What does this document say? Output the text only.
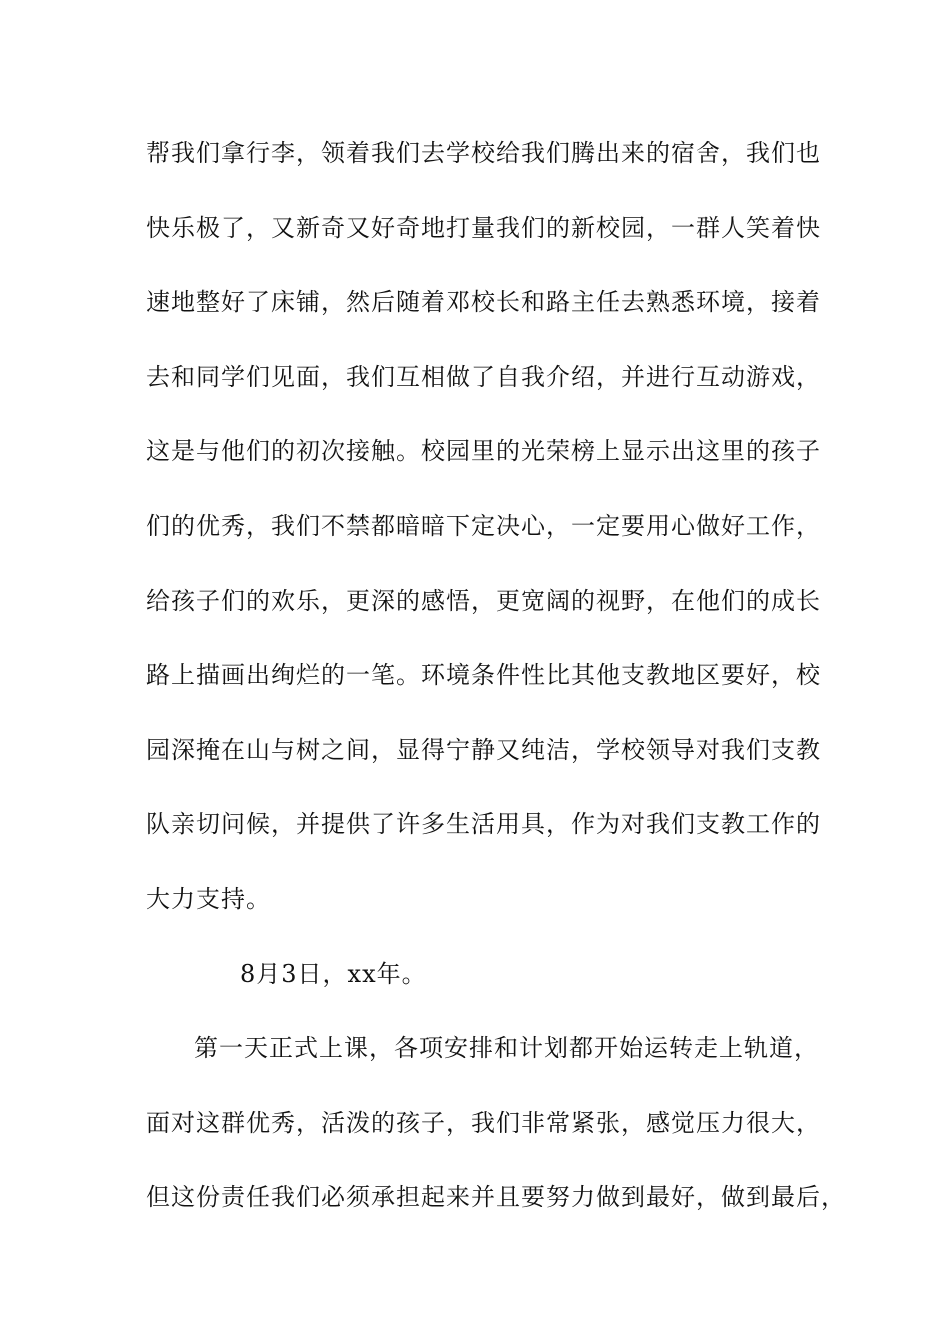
帮我们拿行李，领着我们去学校给我们腾出来的宿舍，我们也
快乐极了，又新奇又好奇地打量我们的新校园，一群人笑着快
速地整好了床铺，然后随着邓校长和路主任去熟悉环境，接着
去和同学们见面，我们互相做了自我介绍，并进行互动游戏，
这是与他们的初次接触。校园里的光荣榜上显示出这里的孩子
们的优秀，我们不禁都暗暗下定决心，一定要用心做好工作，
给孩子们的欢乐，更深的感悟，更宽阔的视野，在他们的成长
路上描画出绚烂的一笔。环境条件性比其他支教地区要好，校
园深掩在山与树之间，显得宁静又纯洁，学校领导对我们支教
队亲切问候，并提供了许多生活用具，作为对我们支教工作的
大力支持。
8月3日，xx年。
第一天正式上课，各项安排和计划都开始运转走上轨道，
面对这群优秀，活泼的孩子，我们非常紧张，感觉压力很大，
但这份责任我们必须承担起来并且要努力做到最好，做到最后，
